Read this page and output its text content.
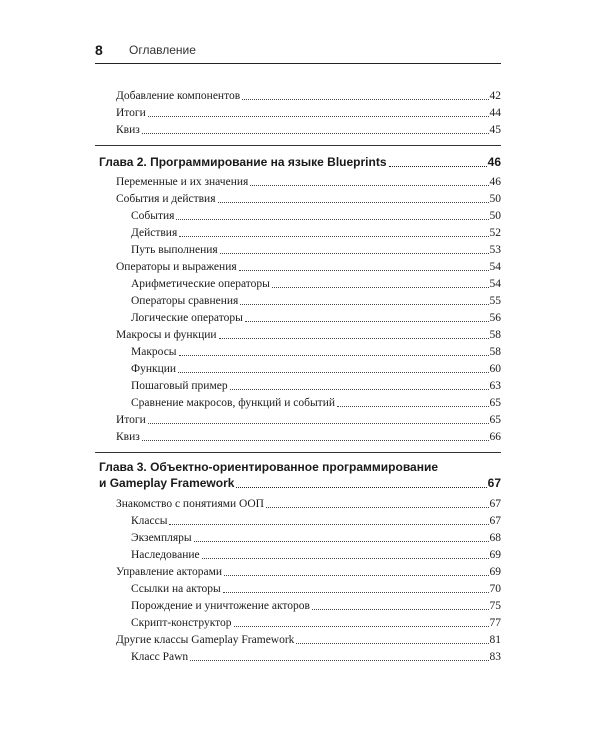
8 Оглавление
Добавление компонентов	42
Итоги	44
Квиз	45
Глава 2. Программирование на языке Blueprints	46
Переменные и их значения	46
События и действия	50
События	50
Действия	52
Путь выполнения	53
Операторы и выражения	54
Арифметические операторы	54
Операторы сравнения	55
Логические операторы	56
Макросы и функции	58
Макросы	58
Функции	60
Пошаговый пример	63
Сравнение макросов, функций и событий	65
Итоги	65
Квиз	66
Глава 3. Объектно-ориентированное программирование
и Gameplay Framework	67
Знакомство с понятиями ООП	67
Классы	67
Экземпляры	68
Наследование	69
Управление акторами	69
Ссылки на акторы	70
Порождение и уничтожение акторов	75
Скрипт-конструктор	77
Другие классы Gameplay Framework	81
Класс Pawn	83
